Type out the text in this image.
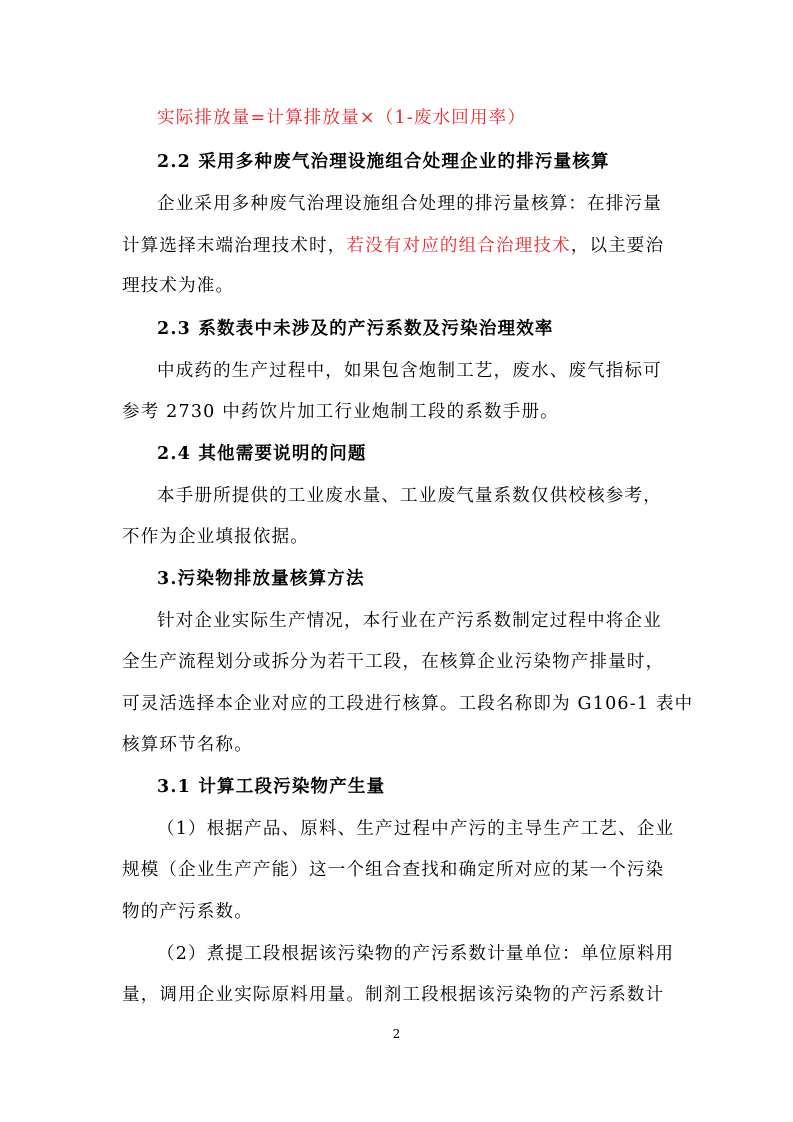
实际排放量=计算排放量×（1-废水回用率）
2.2 采用多种废气治理设施组合处理企业的排污量核算
企业采用多种废气治理设施组合处理的排污量核算：在排污量
计算选择末端治理技术时，若没有对应的组合治理技术，以主要治
理技术为准。
2.3 系数表中未涉及的产污系数及污染治理效率
中成药的生产过程中，如果包含炮制工艺，废水、废气指标可
参考 2730 中药饮片加工行业炮制工段的系数手册。
2.4 其他需要说明的问题
本手册所提供的工业废水量、工业废气量系数仅供校核参考，
不作为企业填报依据。
3.污染物排放量核算方法
针对企业实际生产情况，本行业在产污系数制定过程中将企业
全生产流程划分或拆分为若干工段，在核算企业污染物产排量时，
可灵活选择本企业对应的工段进行核算。工段名称即为 G106-1 表中
核算环节名称。
3.1 计算工段污染物产生量
（1）根据产品、原料、生产过程中产污的主导生产工艺、企业
规模（企业生产产能）这一个组合查找和确定所对应的某一个污染
物的产污系数。
（2）煮提工段根据该污染物的产污系数计量单位：单位原料用
量，调用企业实际原料用量。制剂工段根据该污染物的产污系数计
2
